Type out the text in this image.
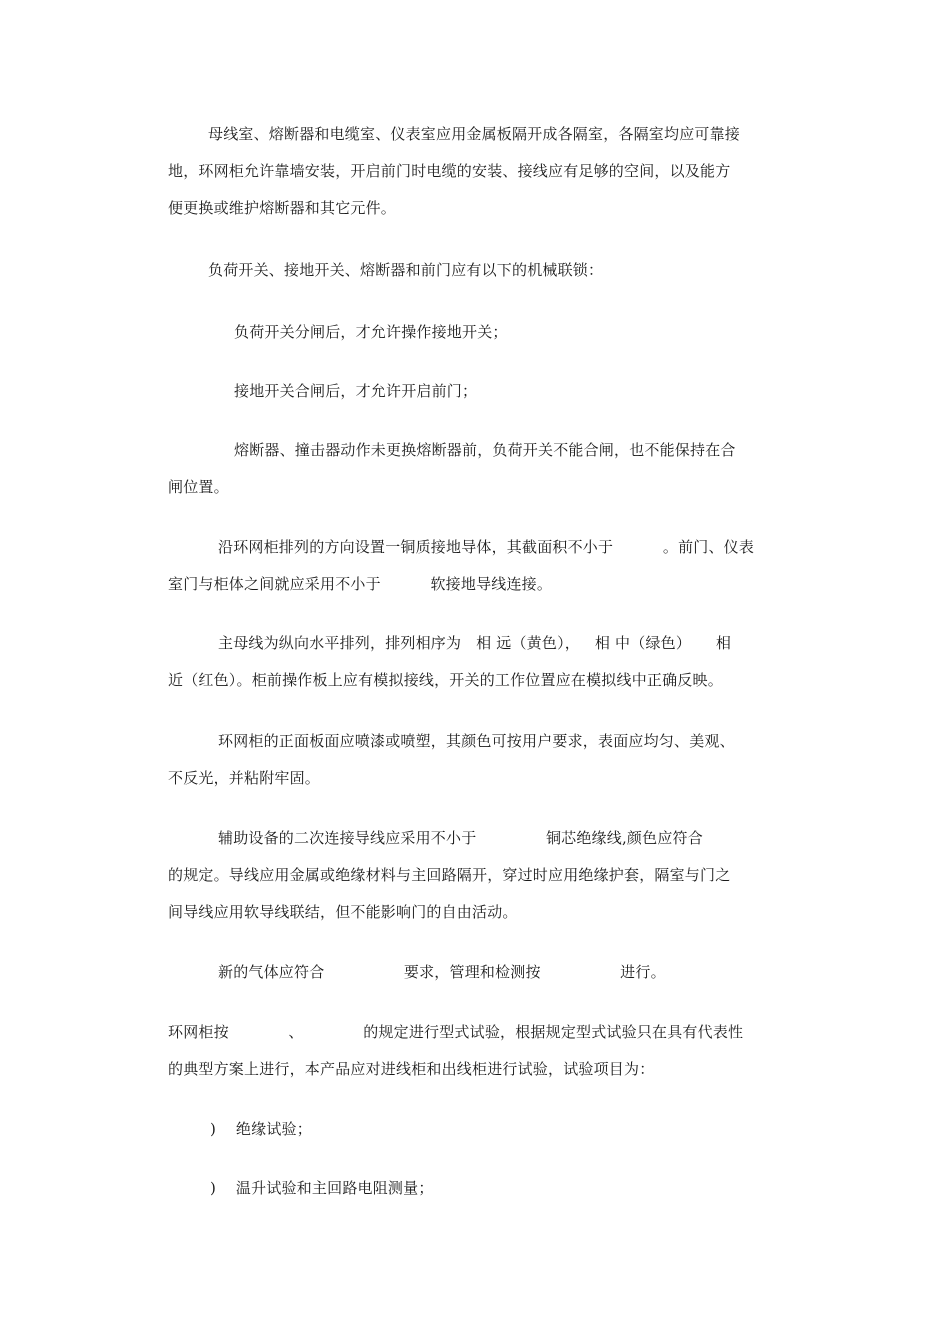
母线室、熔断器和电缆室、仪表室应用金属板隔开成各隔室，各隔室均应可靠接
地，环网柜允许靠墙安装，开启前门时电缆的安装、接线应有足够的空间，以及能方
便更换或维护熔断器和其它元件。
负荷开关、接地开关、熔断器和前门应有以下的机械联锁：
负荷开关分闸后，才允许操作接地开关；
接地开关合闸后，才允许开启前门；
熔断器、撞击器动作未更换熔断器前，负荷开关不能合闸，也不能保持在合
闸位置。
沿环网柜排列的方向设置一铜质接地导体，其截面积不小于          。前门、仪表
室门与柜体之间就应采用不小于          软接地导线连接。
主母线为纵向水平排列，排列相序为   相 远（黄色），   相 中（绿色）     相
近（红色）。柜前操作板上应有模拟接线，开关的工作位置应在模拟线中正确反映。
环网柜的正面板面应喷漆或喷塑，其颜色可按用户要求，表面应均匀、美观、
不反光，并粘附牢固。
辅助设备的二次连接导线应采用不小于              铜芯绝缘线,颜色应符合
的规定。导线应用金属或绝缘材料与主回路隔开，穿过时应用绝缘护套，隔室与门之
间导线应用软导线联结，但不能影响门的自由活动。
新的气体应符合                要求，管理和检测按                进行。
环网柜按            、            的规定进行型式试验，根据规定型式试验只在具有代表性
的典型方案上进行，本产品应对进线柜和出线柜进行试验，试验项目为：
)    绝缘试验；
)    温升试验和主回路电阻测量；
